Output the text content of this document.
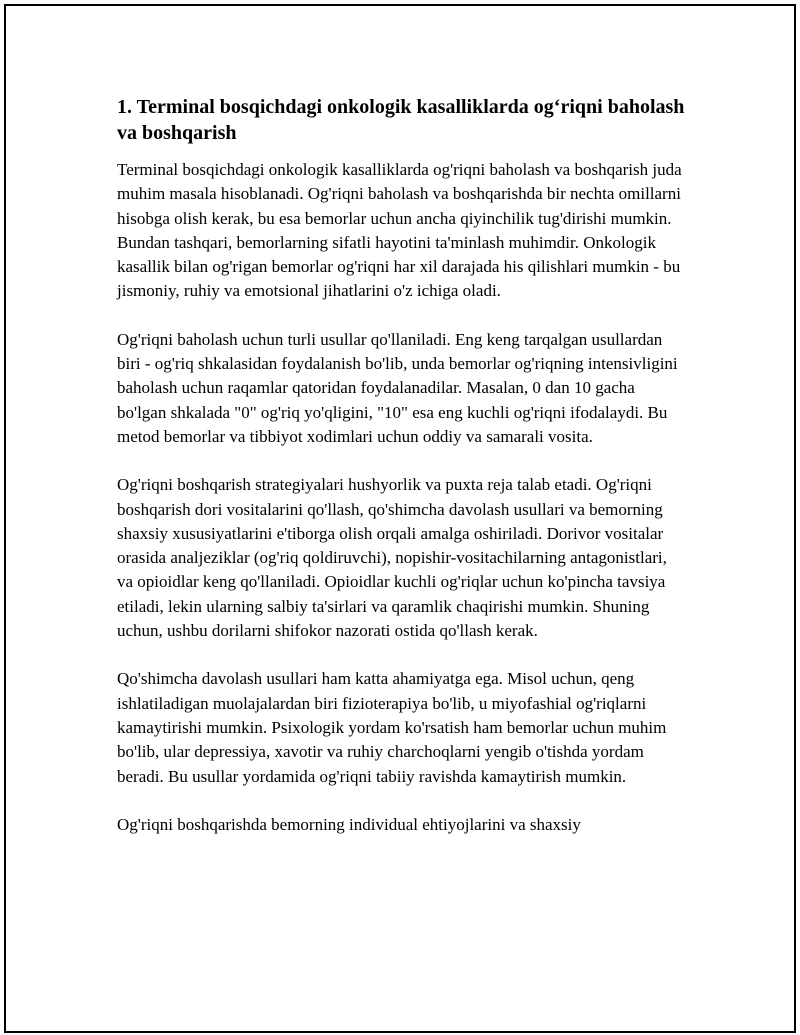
1. Terminal bosqichdagi onkologik kasalliklarda og‘riqni baholash va boshqarish

Terminal bosqichdagi onkologik kasalliklarda og'riqni baholash va boshqarish juda muhim masala hisoblanadi. Og'riqni baholash va boshqarishda bir nechta omillarni hisobga olish kerak, bu esa bemorlar uchun ancha qiyinchilik tug'dirishi mumkin. Bundan tashqari, bemorlarning sifatli hayotini ta'minlash muhimdir. Onkologik kasallik bilan og'rigan bemorlar og'riqni har xil darajada his qilishlari mumkin - bu jismoniy, ruhiy va emotsional jihatlarini o'z ichiga oladi.

Og'riqni baholash uchun turli usullar qo'llaniladi. Eng keng tarqalgan usullardan biri - og'riq shkalasidan foydalanish bo'lib, unda bemorlar og'riqning intensivligini baholash uchun raqamlar qatoridan foydalanadilar. Masalan, 0 dan 10 gacha bo'lgan shkalada "0" og'riq yo'qligini, "10" esa eng kuchli og'riqni ifodalaydi. Bu metod bemorlar va tibbiyot xodimlari uchun oddiy va samarali vosita.

Og'riqni boshqarish strategiyalari hushyorlik va puxta reja talab etadi. Og'riqni boshqarish dori vositalarini qo'llash, qo'shimcha davolash usullari va bemorning shaxsiy xususiyatlarini e'tiborga olish orqali amalga oshiriladi. Dorivor vositalar orasida analjeziklar (og'riq qoldiruvchi), nopishir-vositachilarning antagonistlari, va opioidlar keng qo'llaniladi. Opioidlar kuchli og'riqlar uchun ko'pincha tavsiya etiladi, lekin ularning salbiy ta'sirlari va qaramlik chaqirishi mumkin. Shuning uchun, ushbu dorilarni shifokor nazorati ostida qo'llash kerak.

Qo'shimcha davolash usullari ham katta ahamiyatga ega. Misol uchun, qeng ishlatiladigan muolajalardan biri fizioterapiya bo'lib, u miyofashial og'riqlarni kamaytirishi mumkin. Psixologik yordam ko'rsatish ham bemorlar uchun muhim bo'lib, ular depressiya, xavotir va ruhiy charchoqlarni yengib o'tishda yordam beradi. Bu usullar yordamida og'riqni tabiiy ravishda kamaytirish mumkin.

Og'riqni boshqarishda bemorning individual ehtiyojlarini va shaxsiy
